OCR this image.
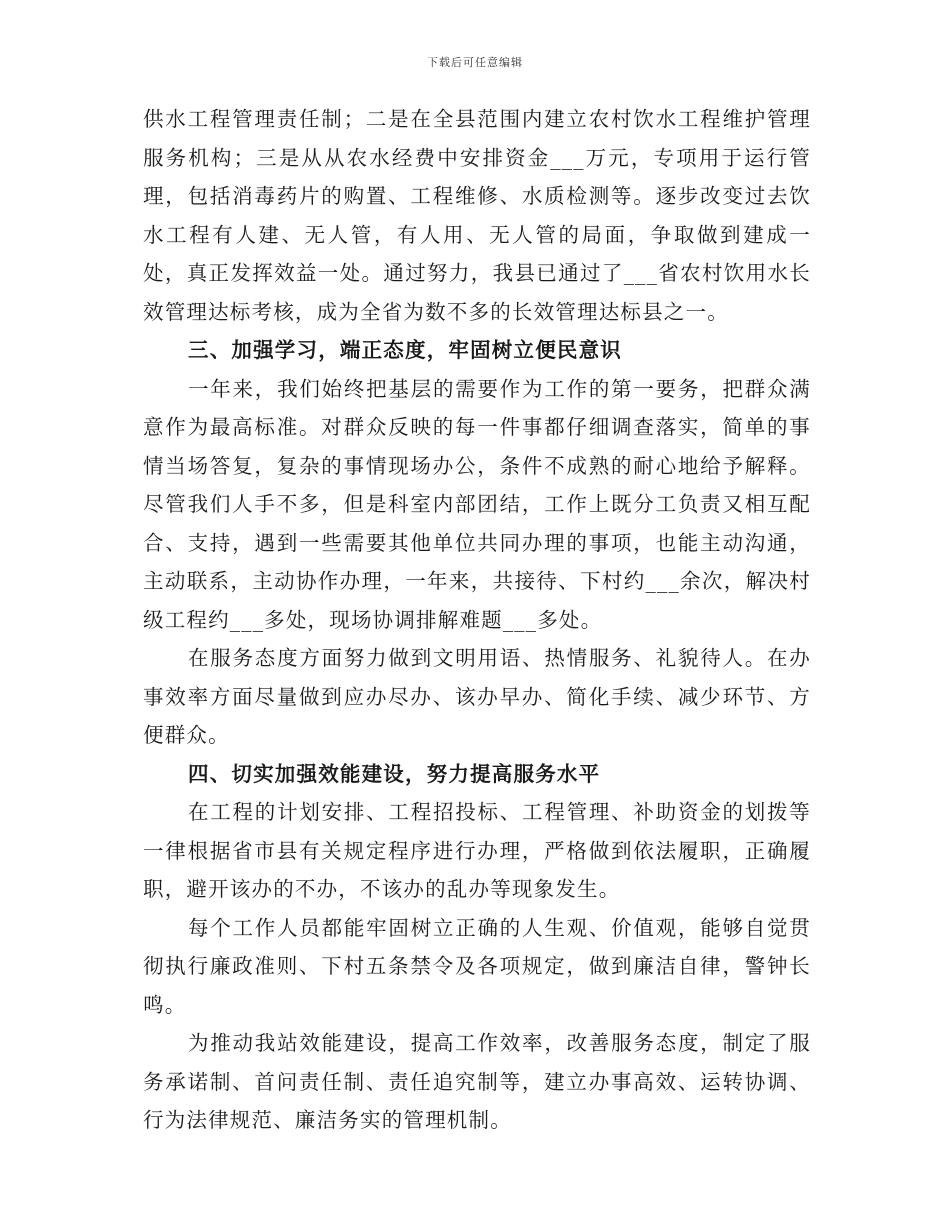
下载后可任意编辑

供水工程管理责任制；二是在全县范围内建立农村饮水工程维护管理服务机构；三是从从农水经费中安排资金___万元，专项用于运行管理，包括消毒药片的购置、工程维修、水质检测等。逐步改变过去饮水工程有人建、无人管，有人用、无人管的局面，争取做到建成一处，真正发挥效益一处。通过努力，我县已通过了___省农村饮用水长效管理达标考核，成为全省为数不多的长效管理达标县之一。

三、加强学习，端正态度，牢固树立便民意识

一年来，我们始终把基层的需要作为工作的第一要务，把群众满意作为最高标准。对群众反映的每一件事都仔细调查落实，简单的事情当场答复，复杂的事情现场办公，条件不成熟的耐心地给予解释。尽管我们人手不多，但是科室内部团结，工作上既分工负责又相互配合、支持，遇到一些需要其他单位共同办理的事项，也能主动沟通，主动联系，主动协作办理，一年来，共接待、下村约___余次，解决村级工程约___多处，现场协调排解难题___多处。

在服务态度方面努力做到文明用语、热情服务、礼貌待人。在办事效率方面尽量做到应办尽办、该办早办、简化手续、减少环节、方便群众。

四、切实加强效能建设，努力提高服务水平

在工程的计划安排、工程招投标、工程管理、补助资金的划拨等一律根据省市县有关规定程序进行办理，严格做到依法履职，正确履职，避开该办的不办，不该办的乱办等现象发生。

每个工作人员都能牢固树立正确的人生观、价值观，能够自觉贯彻执行廉政准则、下村五条禁令及各项规定，做到廉洁自律，警钟长鸣。

为推动我站效能建设，提高工作效率，改善服务态度，制定了服务承诺制、首问责任制、责任追究制等，建立办事高效、运转协调、行为法律规范、廉洁务实的管理机制。
